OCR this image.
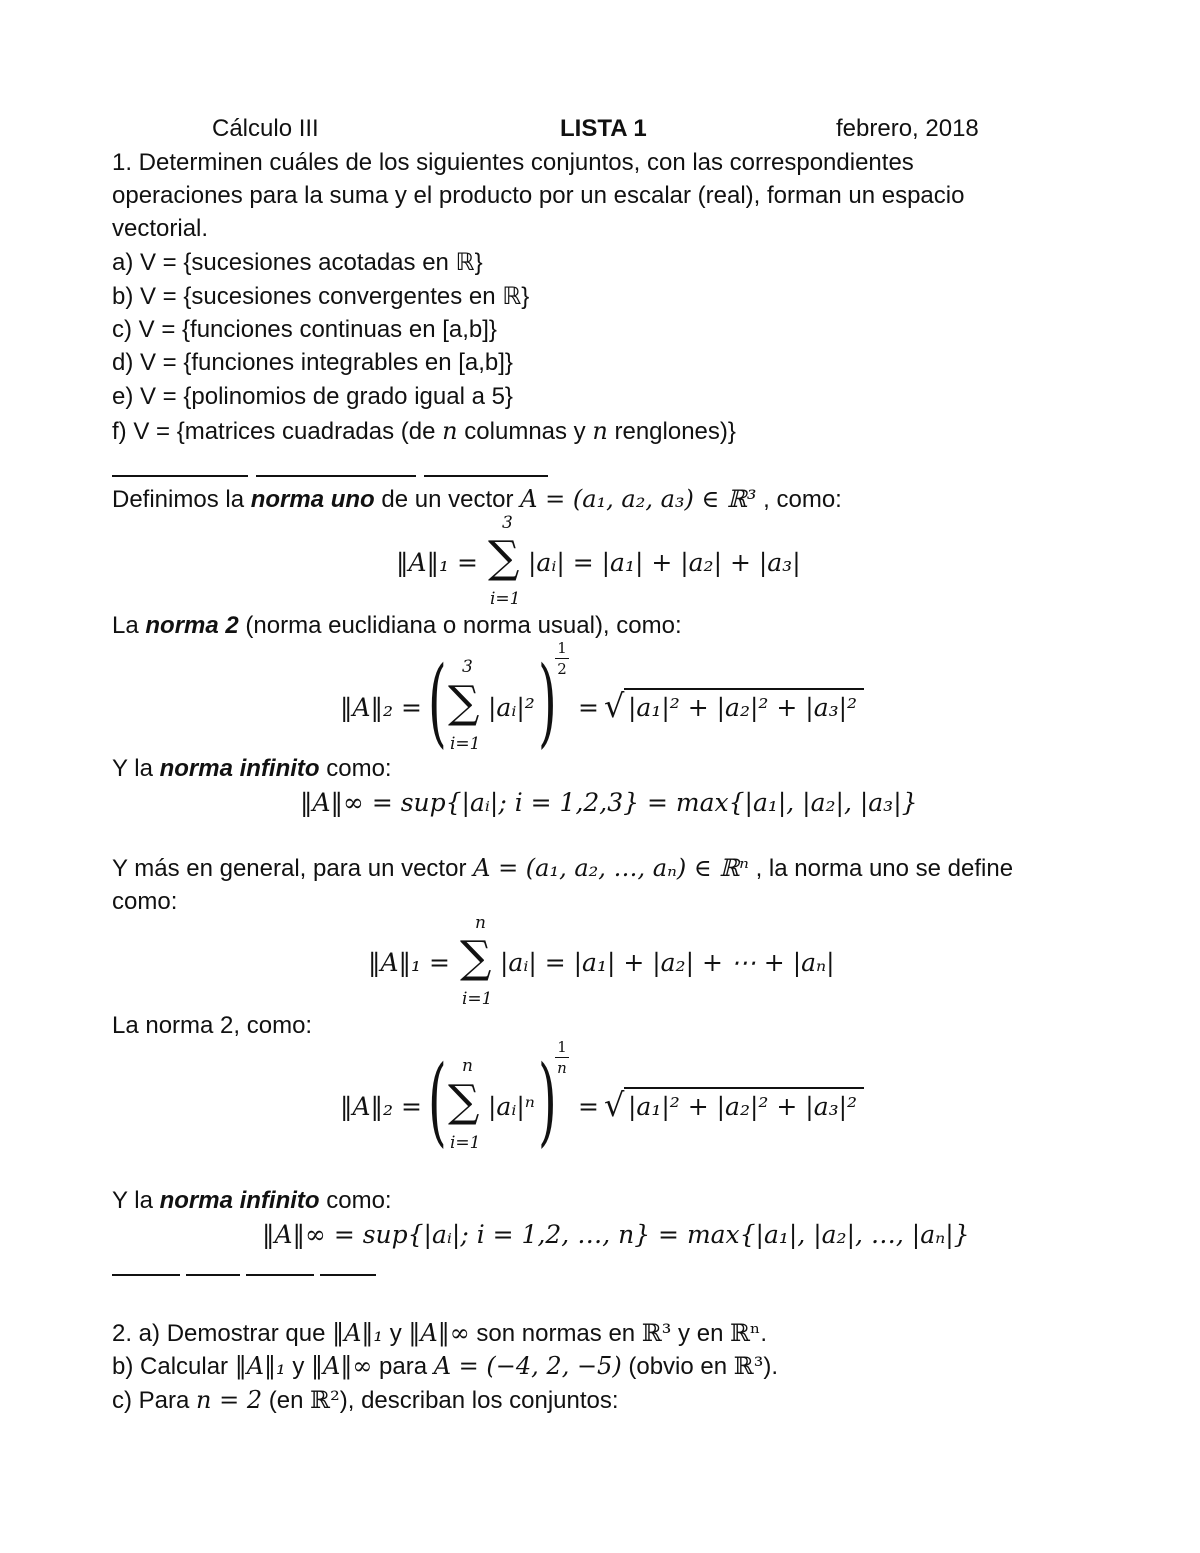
Cálculo III	LISTA 1	febrero, 2018
1. Determinen cuáles de los siguientes conjuntos, con las correspondientes
operaciones para la suma y el producto por un escalar (real), forman un espacio
vectorial.
a) V = {sucesiones acotadas en ℝ}
b) V = {sucesiones convergentes en ℝ}
c) V = {funciones continuas en [a,b]}
d) V = {funciones integrables en [a,b]}
e) V = {polinomios de grado igual a 5}
f) V = {matrices cuadradas (de n columnas y n renglones)}
Definimos la norma uno de un vector A = (a₁, a₂, a₃) ∈ ℝ³ , como:
‖A‖₁ =
3
∑
i=1
|aᵢ| = |a₁| + |a₂| + |a₃|
La norma 2 (norma euclidiana o norma usual), como:
‖A‖₂ = ( 3
∑
i=1
|aᵢ|² ) 1
2
= √ |a₁|² + |a₂|² + |a₃|²
Y la norma infinito como:
‖A‖∞ = sup{|aᵢ|; i = 1,2,3} = max{|a₁|, |a₂|, |a₃|}
Y más en general, para un vector A = (a₁, a₂, …, aₙ) ∈ ℝⁿ , la norma uno se define
como:
‖A‖₁ =
n
∑
i=1
|aᵢ| = |a₁| + |a₂| + ⋯ + |aₙ|
La norma 2, como:
‖A‖₂ = ( n
∑
i=1
|aᵢ|ⁿ ) 1
n
= √ |a₁|² + |a₂|² + |a₃|²
Y la norma infinito como:
‖A‖∞ = sup{|aᵢ|; i = 1,2, …, n} = max{|a₁|, |a₂|, …, |aₙ|}
2. a) Demostrar que ‖A‖₁ y ‖A‖∞ son normas en ℝ³ y en ℝⁿ.
b) Calcular ‖A‖₁ y ‖A‖∞ para A = (−4, 2, −5) (obvio en ℝ³).
c) Para n = 2 (en ℝ²), describan los conjuntos:
